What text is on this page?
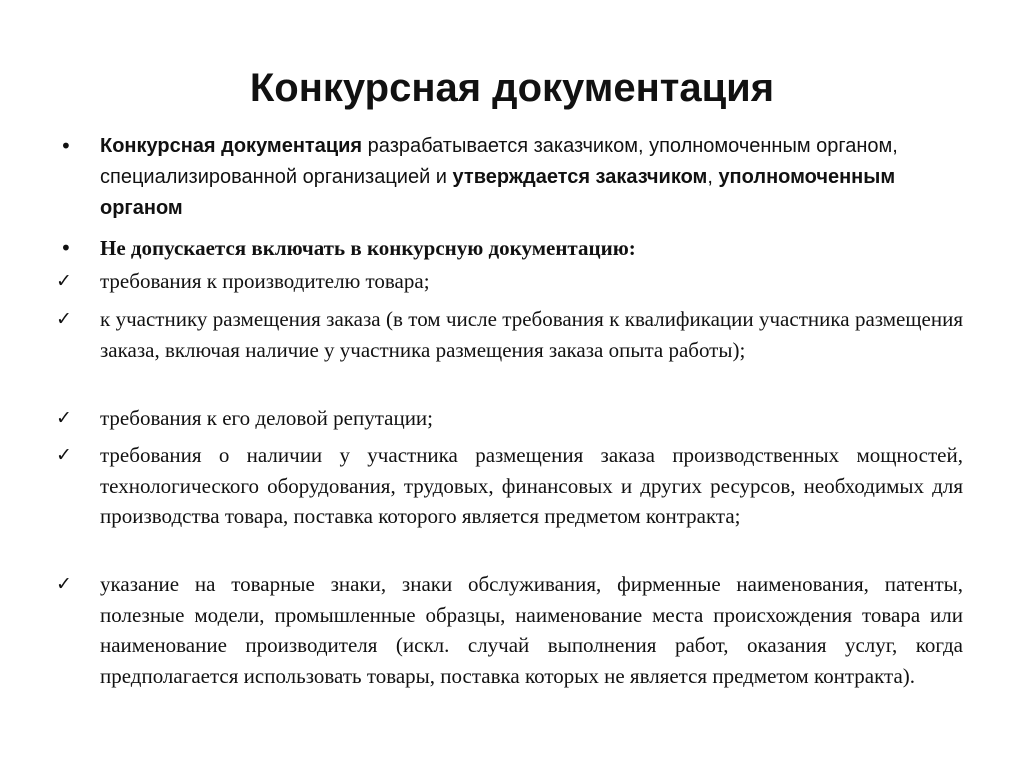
Конкурсная документация
•	Конкурсная документация разрабатывается заказчиком, уполномоченным органом, специализированной организацией и утверждается заказчиком, уполномоченным органом
•	Не допускается включать в конкурсную документацию:
✓	требования к производителю товара;
✓	к участнику размещения заказа (в том числе требования к квалификации участника размещения заказа, включая наличие у участника размещения заказа опыта работы);
✓	требования к его деловой репутации;
✓	требования о наличии у участника размещения заказа производственных мощностей, технологического оборудования, трудовых, финансовых и других ресурсов, необходимых для производства товара, поставка которого является предметом контракта;
✓	указание на товарные знаки, знаки обслуживания, фирменные наименования, патенты, полезные модели, промышленные образцы, наименование места происхождения товара или наименование производителя (искл. случай выполнения работ, оказания услуг, когда предполагается использовать товары, поставка которых не является предметом контракта).
